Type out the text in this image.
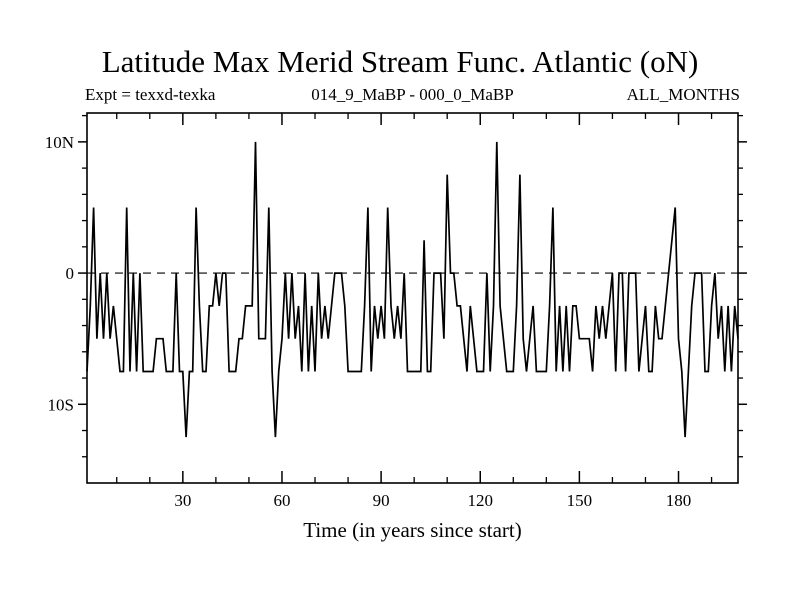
Latitude Max Merid Stream Func. Atlantic (oN)
Expt = texxd-texka	014_9_MaBP - 000_0_MaBP	ALL_MONTHS
30	60	90	120	150	180
10N
0
10S
Time (in years since start)
